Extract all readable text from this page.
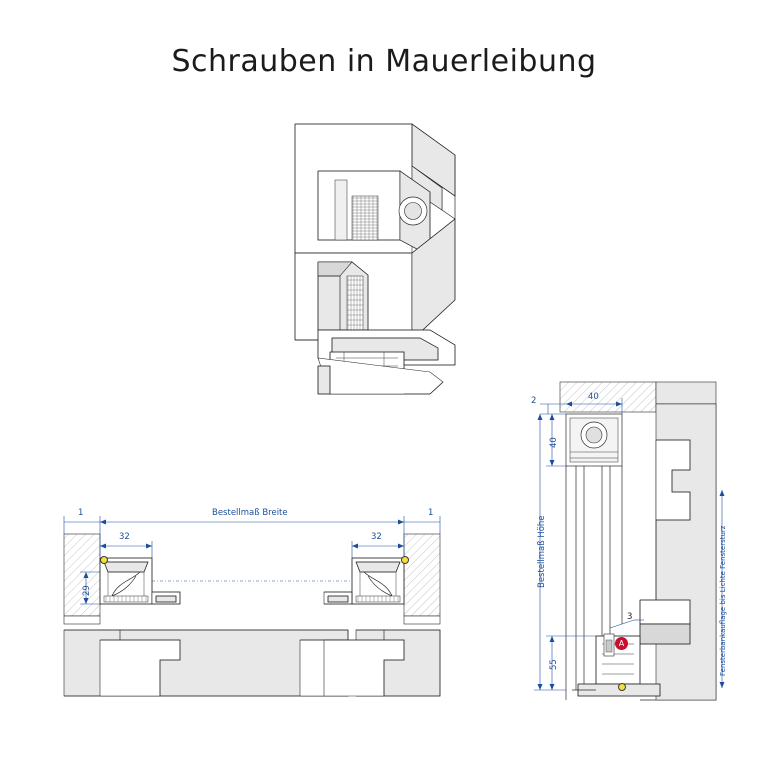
Schrauben in Mauerleibung
Bestellmaß Breite
1	1
32	32
29
2	40
40
Bestellmaß Höhe
3
55	Fensterbankauflage bis Lichte Fenstersturz
A
